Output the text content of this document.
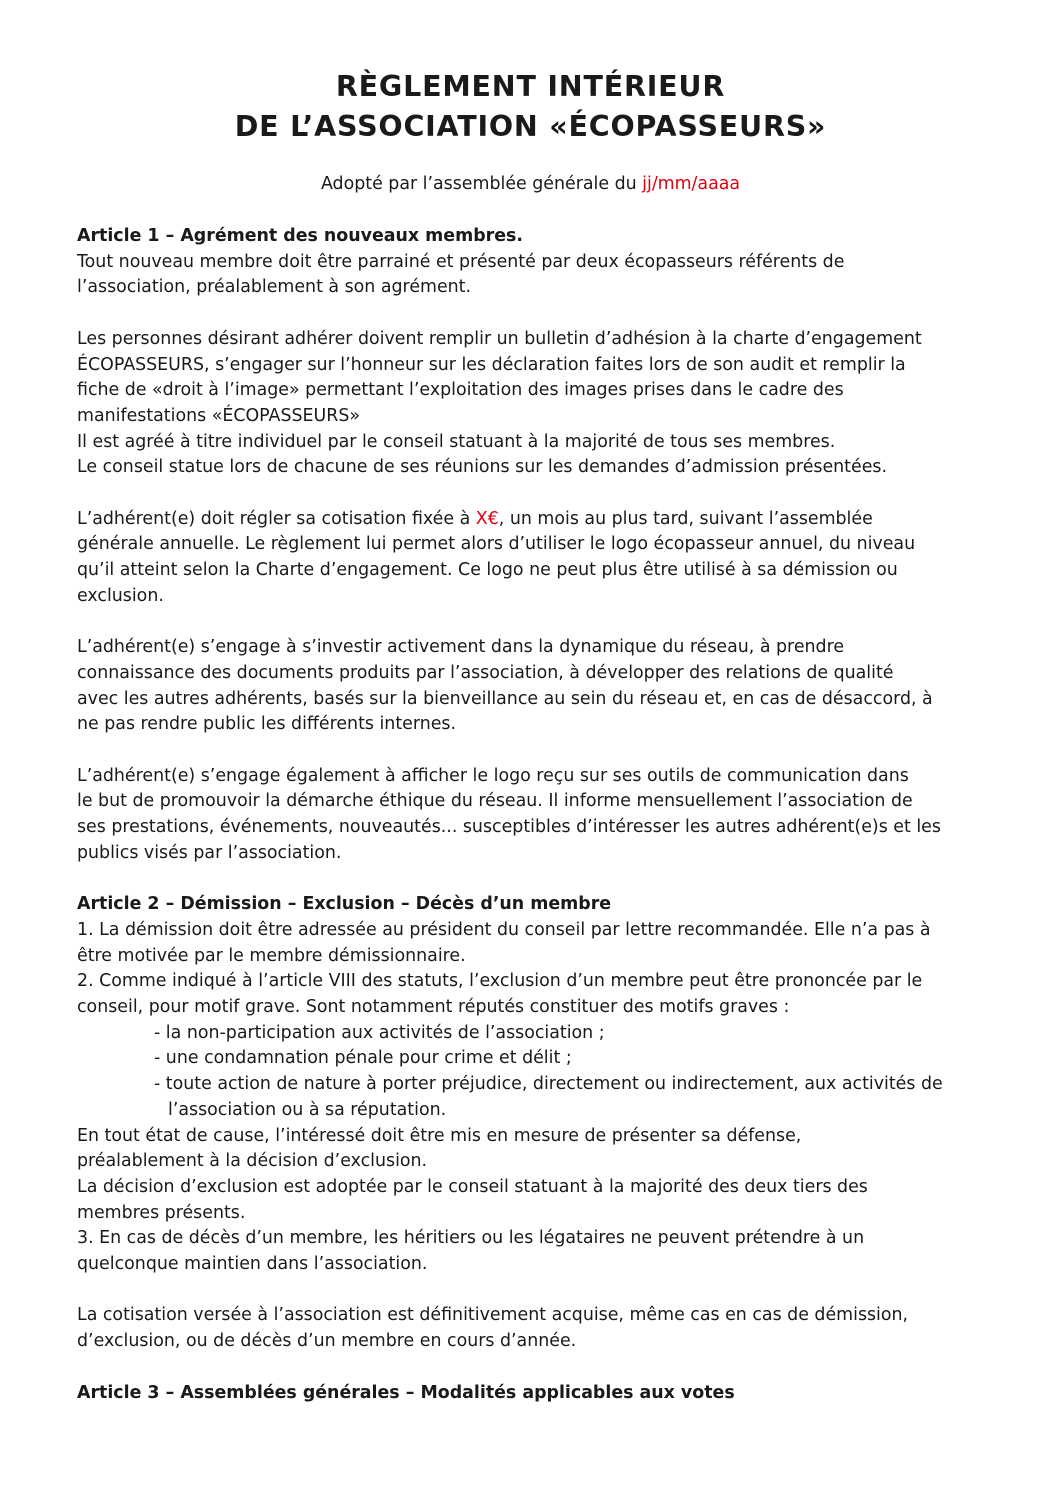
RÈGLEMENT INTÉRIEUR
DE L’ASSOCIATION «ÉCOPASSEURS»
Adopté par l’assemblée générale du jj/mm/aaaa

Article 1 – Agrément des nouveaux membres.

Tout nouveau membre doit être parrainé et présenté par deux écopasseurs référents de
l’association, préalablement à son agrément.

Les personnes désirant adhérer doivent remplir un bulletin d’adhésion à la charte d’engagement
ÉCOPASSEURS, s’engager sur l’honneur sur les déclaration faites lors de son audit et remplir la
fiche de «droit à l’image» permettant l’exploitation des images prises dans le cadre des
manifestations «ÉCOPASSEURS»
Il est agréé à titre individuel par le conseil statuant à la majorité de tous ses membres.
Le conseil statue lors de chacune de ses réunions sur les demandes d’admission présentées.

L’adhérent(e) doit régler sa cotisation fixée à X€, un mois au plus tard, suivant l’assemblée
générale annuelle. Le règlement lui permet alors d’utiliser le logo écopasseur annuel, du niveau
qu’il atteint selon la Charte d’engagement. Ce logo ne peut plus être utilisé à sa démission ou
exclusion.

L’adhérent(e) s’engage à s’investir activement dans la dynamique du réseau, à prendre
connaissance des documents produits par l’association, à développer des relations de qualité
avec les autres adhérents, basés sur la bienveillance au sein du réseau et, en cas de désaccord, à
ne pas rendre public les différents internes.

L’adhérent(e) s’engage également à afficher le logo reçu sur ses outils de communication dans
le but de promouvoir la démarche éthique du réseau. Il informe mensuellement l’association de
ses prestations, événements, nouveautés... susceptibles d’intéresser les autres adhérent(e)s et les
publics visés par l’association.

Article 2 – Démission – Exclusion – Décès d’un membre

1. La démission doit être adressée au président du conseil par lettre recommandée. Elle n’a pas à
être motivée par le membre démissionnaire.
2. Comme indiqué à l’article VIII des statuts, l’exclusion d’un membre peut être prononcée par le
conseil, pour motif grave. Sont notamment réputés constituer des motifs graves :

- la non-participation aux activités de l’association ;
- une condamnation pénale pour crime et délit ;
- toute action de nature à porter préjudice, directement ou indirectement, aux activités de l’association ou à sa réputation.

En tout état de cause, l’intéressé doit être mis en mesure de présenter sa défense,
préalablement à la décision d’exclusion.
La décision d’exclusion est adoptée par le conseil statuant à la majorité des deux tiers des
membres présents.
3. En cas de décès d’un membre, les héritiers ou les légataires ne peuvent prétendre à un
quelconque maintien dans l’association.

La cotisation versée à l’association est définitivement acquise, même cas en cas de démission,
d’exclusion, ou de décès d’un membre en cours d’année.

Article 3 – Assemblées générales – Modalités applicables aux votes
